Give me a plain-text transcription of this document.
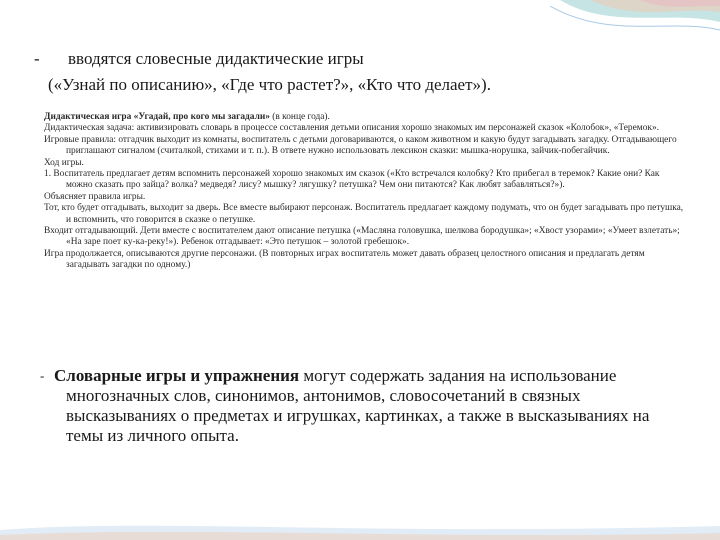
- вводятся словесные дидактические игры
(«Узнай по описанию», «Где что растет?», «Кто что делает»).

Дидактическая игра «Угадай, про кого мы загадали» (в конце года).

Дидактическая задача: активизировать словарь в процессе составления детьми описания хорошо знакомых им персонажей сказок «Колобок», «Теремок».

Игровые правила: отгадчик выходит из комнаты, воспитатель с детьми договариваются, о каком животном и какую будут загадывать загадку. Отгадывающего приглашают сигналом (считалкой, стихами и т. п.). В ответе нужно использовать лексикон сказки: мышка-норушка, зайчик-побегайчик.

Ход игры.

1. Воспитатель предлагает детям вспомнить персонажей хорошо знакомых им сказок («Кто встречался колобку? Кто прибегал в теремок? Какие они? Как можно сказать про зайца? волка? медведя? лису? мышку? лягушку? петушка? Чем они питаются? Как любят забавляться?»).

Объясняет правила игры.

Тот, кто будет отгадывать, выходит за дверь. Все вместе выбирают персонаж. Воспитатель предлагает каждому подумать, что он будет загадывать про петушка, и вспомнить, что говорится в сказке о петушке.

Входит отгадывающий. Дети вместе с воспитателем дают описание петушка («Масляна головушка, шелкова бородушка»; «Хвост узорами»; «Умеет взлетать»; «На заре поет ку-ка-реку!»). Ребенок отгадывает: «Это петушок – золотой гребешок».

Игра продолжается, описываются другие персонажи. (В повторных играх воспитатель может давать образец целостного описания и предлагать детям загадывать загадки по одному.)

- Словарные игры и упражнения могут содержать задания на использование многозначных слов, синонимов, антонимов, словосочетаний в связных высказываниях о предметах и игрушках, картинках, а также в высказываниях на темы из личного опыта.
